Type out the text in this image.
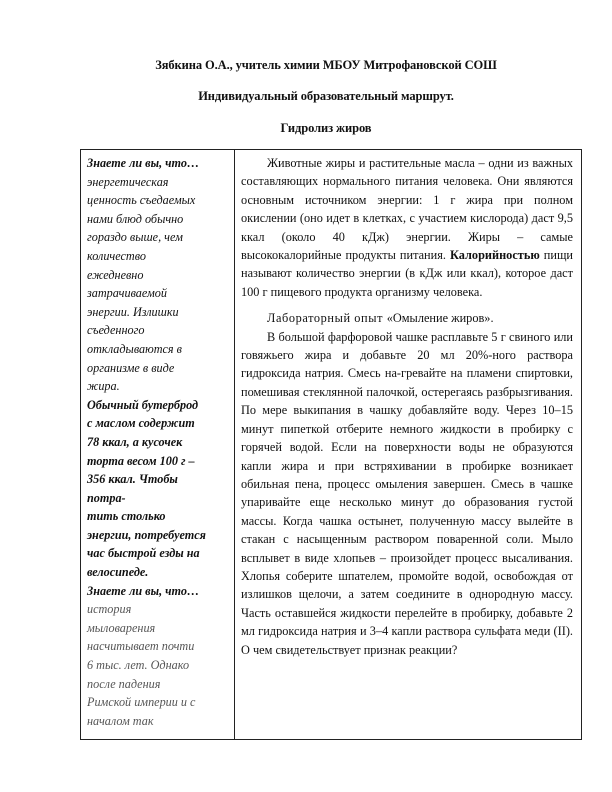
Зябкина О.А., учитель химии МБОУ Митрофановской СОШ
Индивидуальный образовательный маршрут.
Гидролиз жиров
Знаете ли вы, что…
энергетическая
ценность съедаемых
нами блюд обычно
гораздо выше, чем
количество
ежедневно
затрачиваемой
энергии. Излишки
съеденного
откладываются в
организме в виде
жира.
Обычный бутерброд
с маслом содержит
78 ккал, а кусочек
торта весом 100 г –
356 ккал. Чтобы
потра-
тить столько
энергии, потребуется
час быстрой езды на
велосипеде.
Знаете ли вы, что…
история
мыловарения
насчитывает почти
6 тыс. лет. Однако
после падения
Римской империи и с
началом так

Животные жиры и растительные масла – одни из важных составляющих нормального питания человека. Они являются основным источником энергии: 1 г жира при полном окислении (оно идет в клетках, с участием кислорода) даст 9,5 ккал (около 40 кДж) энергии. Жиры – самые высококалорийные продукты питания. Калорийностью пищи называют количество энергии (в кДж или ккал), которое даст 100 г пищевого продукта организму человека.

Лабораторный опыт «Омыление жиров».

В большой фарфоровой чашке расплавьте 5 г свиного или говяжьего жира и добавьте 20 мл 20%-ного раствора гидроксида натрия. Смесь на-гревайте на пламени спиртовки, помешивая стеклянной палочкой, остерегаясь разбрызгивания. По мере выкипания в чашку добавляйте воду. Через 10–15 минут пипеткой отберите немного жидкости в пробирку с горячей водой. Если на поверхности воды не образуются капли жира и при встряхивании в пробирке возникает обильная пена, процесс омыления завершен. Смесь в чашке упаривайте еще несколько минут до образования густой массы. Когда чашка остынет, полученную массу вылейте в стакан с насыщенным раствором поваренной соли. Мыло всплывет в виде хлопьев – произойдет процесс высаливания. Хлопья соберите шпателем, промойте водой, освобождая от излишков щелочи, а затем соедините в однородную массу. Часть оставшейся жидкости перелейте в пробирку, добавьте 2 мл гидроксида натрия и 3–4 капли раствора сульфата меди (II). О чем свидетельствует признак реакции?
